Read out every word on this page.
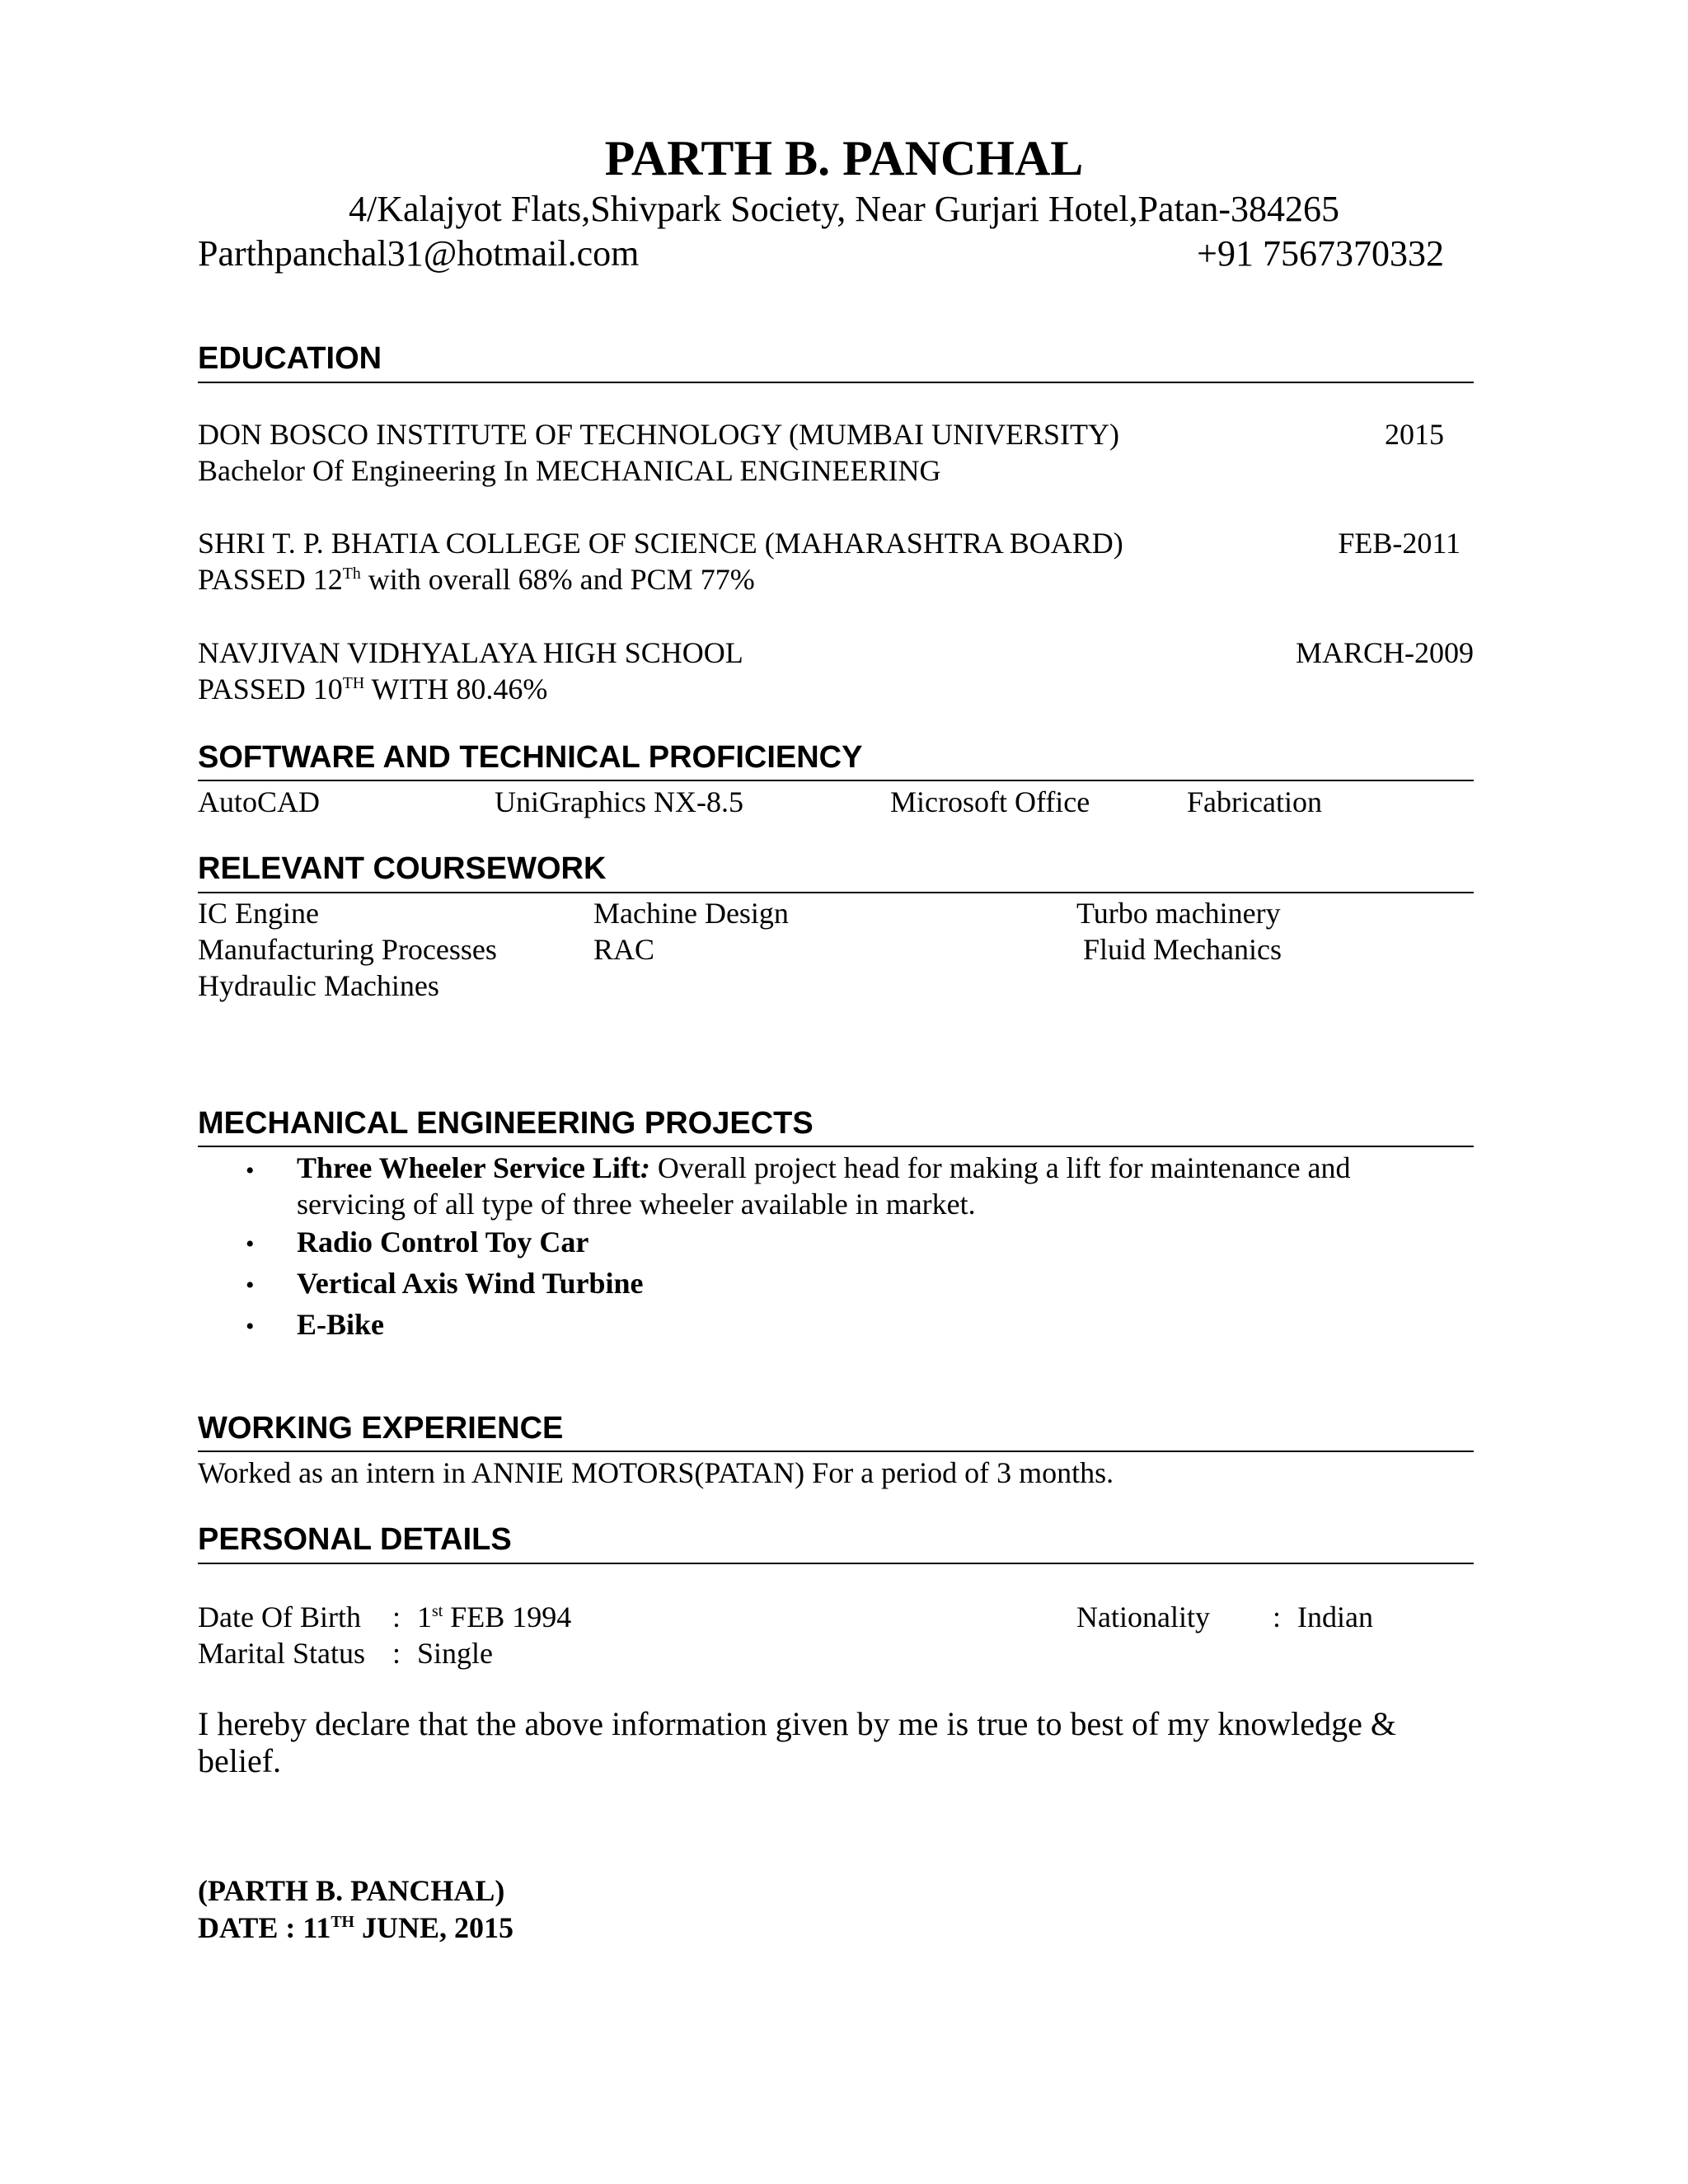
PARTH B. PANCHAL
4/Kalajyot Flats,Shivpark Society, Near Gurjari Hotel,Patan-384265
Parthpanchal31@hotmail.com	+91 7567370332
EDUCATION
DON BOSCO INSTITUTE OF TECHNOLOGY (MUMBAI UNIVERSITY)	2015
Bachelor Of Engineering In MECHANICAL ENGINEERING
SHRI T. P. BHATIA COLLEGE OF SCIENCE (MAHARASHTRA BOARD)	FEB-2011
PASSED 12Th with overall 68% and PCM 77%
NAVJIVAN VIDHYALAYA HIGH SCHOOL	MARCH-2009
PASSED 10TH WITH 80.46%
SOFTWARE AND TECHNICAL PROFICIENCY
AutoCAD	UniGraphics NX-8.5	Microsoft Office	Fabrication
RELEVANT COURSEWORK
IC Engine	Machine Design	Turbo machinery
Manufacturing Processes	RAC	Fluid Mechanics
Hydraulic Machines
MECHANICAL ENGINEERING PROJECTS
• Three Wheeler Service Lift: Overall project head for making a lift for maintenance and
servicing of all type of three wheeler available in market.
• Radio Control Toy Car
• Vertical Axis Wind Turbine
• E-Bike
WORKING EXPERIENCE
Worked as an intern in ANNIE MOTORS(PATAN) For a period of 3 months.
PERSONAL DETAILS
Date Of Birth : 1st FEB 1994	Nationality : Indian
Marital Status : Single
I hereby declare that the above information given by me is true to best of my knowledge &
belief.
(PARTH B. PANCHAL)
DATE : 11TH JUNE, 2015
